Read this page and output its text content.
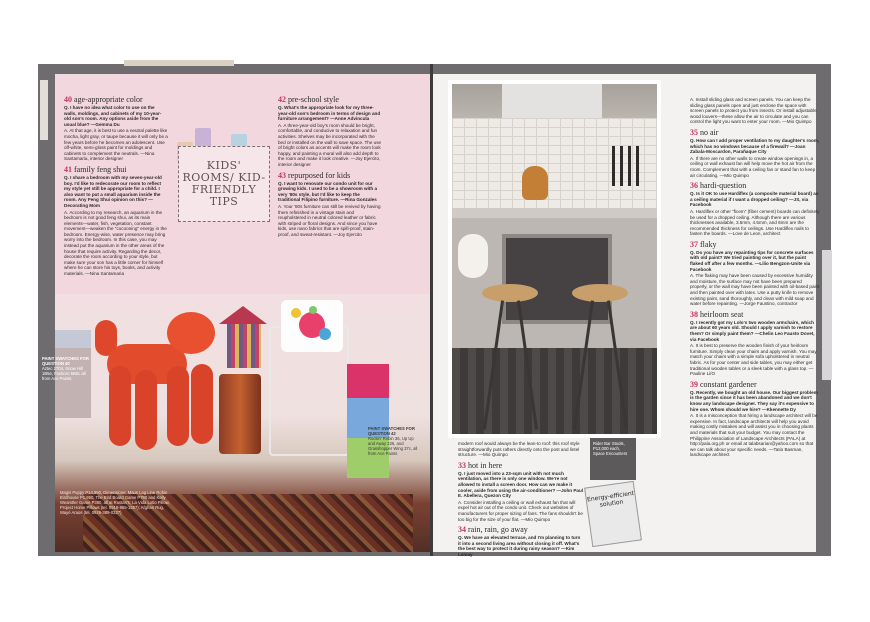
40 age-appropriate color
Q. I have no idea what color to use on the walls, moldings, and cabinets of my 10-year-old son's room. Any options aside from the usual blue? —Gemma Du
A. At that age, it is best to use a neutral palette like mocha, light gray, or taupe because it will only be a few years before he becomes an adolescent. Use off-white, semi-gloss paint for moldings and cabinets to complement the neutrals. —Nina Santamaria, interior designer
41 family feng shui
Q. I share a bedroom with my seven-year-old boy. I'd like to redecorate our room to reflect my style yet still be appropriate for a child. I also want to put a small aquarium inside the room. Any Feng Shui opinion on this? —Decorating Mom
A. According to my research, an aquarium in the bedroom is not good feng shui, as its main elements—water, fish, vegetation, constant movement—weaken the "cocooning" energy in the bedroom. Energy-wise, water presence may bring worry into the bedroom. In this case, you may instead put the aquarium in the other areas of the house that require activity. Regarding the decor, decorate the room according to your style, but make sure your son has a little corner for himself where he can store his toys, books, and activity materials. —Nina Santamaria
42 pre-school style
Q. What's the appropriate look for my three-year-old son's bedroom in terms of design and furniture arrangement? —Anne Advincula
A. A three-year-old boy's room should be bright, comfortable, and conducive to relaxation and fun activities. Shelves may be incorporated with the bed or installed on the wall to save space. The use of bright colors as accents will make the room look happy, and painting a mural will also add depth to the room and make it look creative. —Joy Ejercito, interior designer
43 repurposed for kids
Q. I want to renovate our condo unit for our growing kids. I used to be a showroom with a very '80s style, but I'd like to keep the traditional Filipino furniture. —Rina Gonzales
A. Your '80s furniture can still be revived by having them refinished in a vintage stain and reupholstered in neutral colored leather or fabric with striped or floral designs. And since you have kids, use nano fabrics that are spill-proof, stain-proof, and sweat-resistant. —Joy Ejercito
KIDS' ROOMS/ KID-FRIENDLY TIPS
PAINT SWATCHES FOR QUESTION 40
Aztec 1704, Snow Hill 1B5e, Foxboro 5B5c all from Ace Paints
PAINT SWATCHES FOR QUESTION 42
Rockin' Robin 36, Up Up and Away 226, and Grasshopper Wing 37c, all from Ace Paints
Magis Puppy P14,950, Dimensione; Maus Log Line Robin Birdhouse P1,950, The Bird Board Game P780 and Kelly Wearstler Game P380, all at Rustan's; La Vida Lotio Pillow, Project Home Pillows (tel. 0916-855-1357); Afghan Rug, Wayé Araos (tel. 0926-389-0227)
Rider Bar Stools, P12,000 each, Space Encounters
Energy-efficient solution
modern roof would always be the lean-to roof: this roof style straightforwardly puts rafters directly onto the post and lintel structure. —Mio Quimpo
33 hot in here
Q. I just moved into a 23-sqm unit with not much ventilation, as there is only one window. We're not allowed to install a screen door. How can we make it cooler, aside from using the air-conditioner? —John Paul E. Abellera, Quezon City
A. Consider installing a ceiling or wall exhaust fan that will expel hot air out of the condo unit. Check out websites of manufacturers for proper sizing of fans. The fans shouldn't be too big for the size of your flat. —Mio Quimpo
34 rain, rain, go away
Q. We have an elevated terrace, and I'm planning to turn it into a second living area without closing it off. What's the best way to protect it during rainy season? —Kim Lamay
A. Install sliding glass and screen panels. You can keep the sliding glass panels open and just enclose the space with screen panels to protect you from insects. Or install adjustable wood louvers—these allow the air to circulate and you can control the light you want to enter your room. —Mio Quimpo
35 no air
Q. How can I add proper ventilation to my daughter's room, which has no windows because of a firewall? —Joan Zabala-Moscardon, Parañaque City
A. If there are no other walls to create window openings in, a ceiling or wall exhaust fan will help move the hot air from the room. Complement that with a ceiling fan or stand fan to keep air circulating. —Mio Quimpo
36 hardi-question
Q. Is it OK to use Hardiflex (a composite material board) as a ceiling material if I want a dropped ceiling? —JS, via Facebook
A. Hardiflex or other "ficem" (fiber cement) boards can definitely be used for a dropped ceiling. Although there are various thicknesses available, 3.5mm, 4.5mm, and 6mm are the recommended thickness for ceilings. Use Hardiflex nails to fasten the boards. —Love de Leon, architect
37 flaky
Q. Do you have any repainting tips for concrete surfaces with old paint? We tried painting over it, but the paint flaked off after a few months. —Lilio Bengzon-Unite via Facebook
A. The flaking may have been caused by excessive humidity and moisture, the surface may not have been prepared properly, or the wall may have been painted with oil-based paint and then painted over with latex. Use a putty knife to remove existing paint, sand thoroughly, and clean with mild soap and water before repainting. —Jorge Faustino, contractor
38 heirloom seat
Q. I recently got my Lolo's two wooden armchairs, which are about 60 years old. Should I apply varnish to restore them? Or simply paint them? —Chelin Leo Fausto Dovet, via Facebook
A. It is best to preserve the wooden finish of your heirloom furniture. Simply clean your chairs and apply varnish. You may match your chairs with a simple sofa upholstered in neutral fabric. As for your center and side tables, you may either get traditional wooden tables or a sleek table with a glass top. —Pauline Li/O
39 constant gardener
Q. Recently, we bought an old house. Our biggest problem is the garden since it has been abandoned and we don't know any landscape designer. They say it's expensive to hire one. Whom should we hire? —Kkennette Dy
A. It is a misconception that hiring a landscape architect will be expensive. In fact, landscape architects will help you avoid making costly mistakes and will assist you in choosing plants and materials that suit your budget. You may contact the Philippine Association of Landscape Architects (PALA) at http://pala.org.ph or email at talabsarian@yahoo.com so that we can talk about your specific needs. —Tatio Basman, landscape architect
